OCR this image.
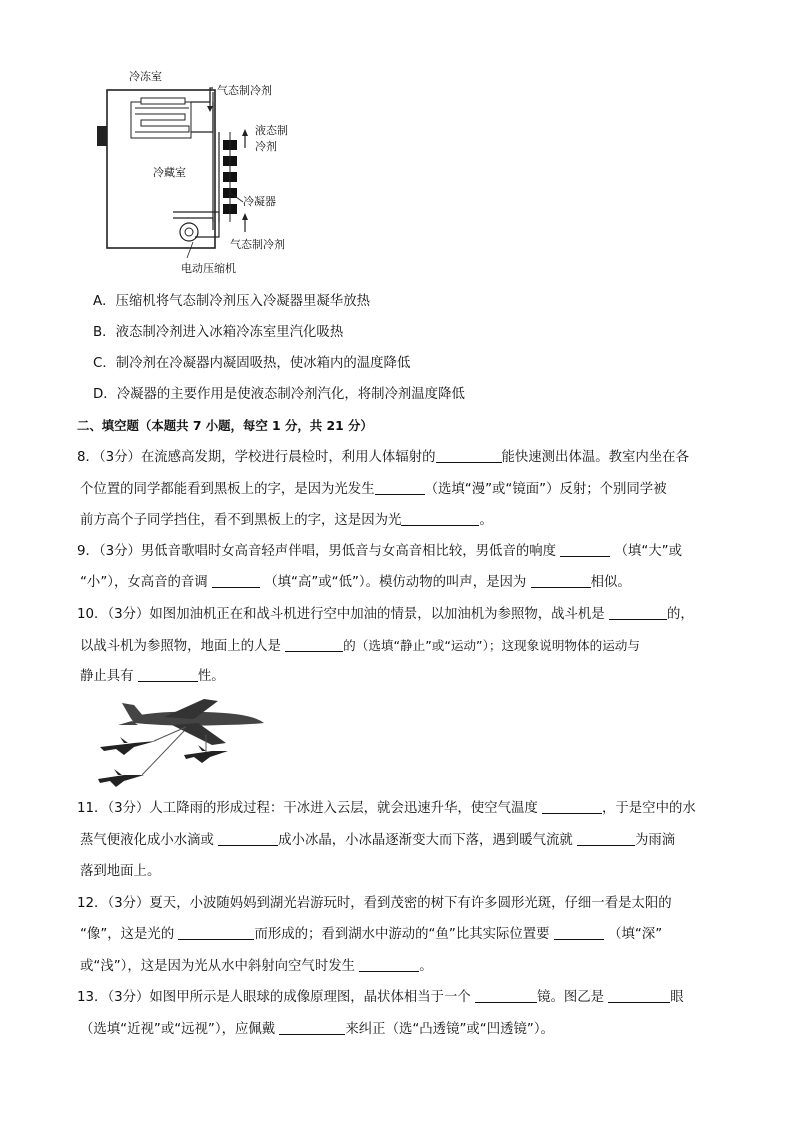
冷冻室
气态制冷剂
液态制
冷剂
冷藏室
冷凝器
气态制冷剂
电动压缩机
A．压缩机将气态制冷剂压入冷凝器里凝华放热
B．液态制冷剂进入冰箱冷冻室里汽化吸热
C．制冷剂在冷凝器内凝固吸热，使冰箱内的温度降低
D．冷凝器的主要作用是使液态制冷剂汽化，将制冷剂温度降低
二、填空题（本题共 7 小题，每空 1 分，共 21 分）
8．（3分）在流感高发期，学校进行晨检时，利用人体辐射的	能快速测出体温。教室内坐在各
个位置的同学都能看到黑板上的字，是因为光发生	（选填“漫”或“镜面”）反射；个别同学被
前方高个子同学挡住，看不到黑板上的字，这是因为光	。
9．（3分）男低音歌唱时女高音轻声伴唱，男低音与女高音相比较，男低音的响度	（填“大”或
“小”），女高音的音调	（填“高”或“低”）。模仿动物的叫声，是因为	相似。
10．（3分）如图加油机正在和战斗机进行空中加油的情景，以加油机为参照物，战斗机是	的，
以战斗机为参照物，地面上的人是	的（选填“静止”或“运动”）；这现象说明物体的运动与
静止具有	性。
11．（3分）人工降雨的形成过程：干冰进入云层，就会迅速升华，使空气温度	，于是空中的水
蒸气便液化成小水滴或	成小冰晶，小冰晶逐渐变大而下落，遇到暖气流就	为雨滴
落到地面上。
12．（3分）夏天，小波随妈妈到湖光岩游玩时，看到茂密的树下有许多圆形光斑，仔细一看是太阳的
“像”，这是光的	而形成的；看到湖水中游动的“鱼”比其实际位置要	（填“深”
或“浅”），这是因为光从水中斜射向空气时发生	。
13．（3分）如图甲所示是人眼球的成像原理图，晶状体相当于一个	镜。图乙是	眼
（选填“近视”或“远视”），应佩戴	来纠正（选“凸透镜”或“凹透镜”）。
